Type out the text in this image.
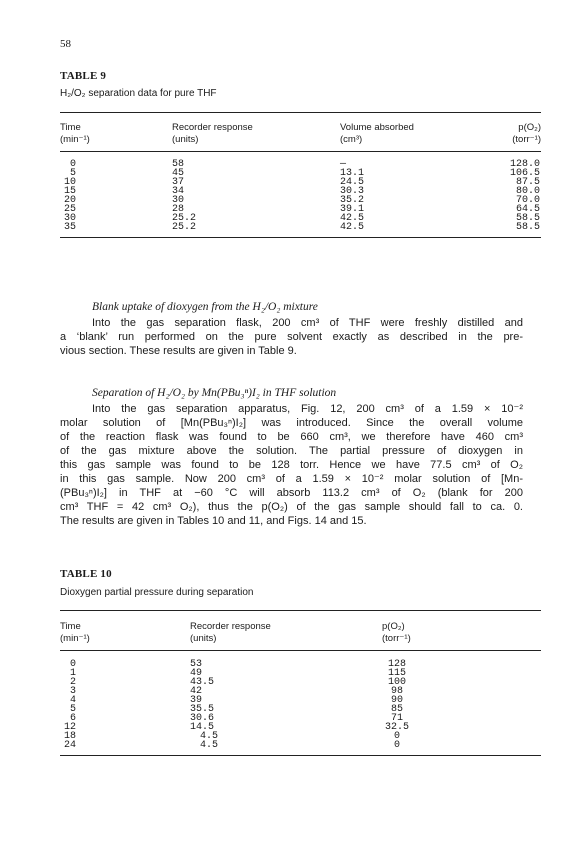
58
TABLE 9
H₂/O₂ separation data for pure THF
Time
(min⁻¹)
Recorder response
(units)
Volume absorbed
(cm³)
p(O₂)
(torr⁻¹)
0
5
10
15
20
25
30
35
58
45
37
34
30
28
25.2
25.2
—
13.1
24.5
30.3
35.2
39.1
42.5
42.5
128.0
106.5
87.5
80.0
70.0
64.5
58.5
58.5
Blank uptake of dioxygen from the H₂/O₂ mixture
Into the gas separation flask, 200 cm³ of THF were freshly distilled and
a ‘blank’ run performed on the pure solvent exactly as described in the pre-
vious section. These results are given in Table 9.
Separation of H₂/O₂ by Mn(PBu₃ⁿ)I₂ in THF solution
Into the gas separation apparatus, Fig. 12, 200 cm³ of a 1.59 × 10⁻²
molar solution of [Mn(PBu₃ⁿ)I₂] was introduced. Since the overall volume
of the reaction flask was found to be 660 cm³, we therefore have 460 cm³
of the gas mixture above the solution. The partial pressure of dioxygen in
this gas sample was found to be 128 torr. Hence we have 77.5 cm³ of O₂
in this gas sample. Now 200 cm³ of a 1.59 × 10⁻² molar solution of [Mn-
(PBu₃ⁿ)I₂] in THF at −60 °C will absorb 113.2 cm³ of O₂ (blank for 200
cm³ THF = 42 cm³ O₂), thus the p(O₂) of the gas sample should fall to ca. 0.
The results are given in Tables 10 and 11, and Figs. 14 and 15.
TABLE 10
Dioxygen partial pressure during separation
Time
(min⁻¹)
Recorder response
(units)
p(O₂)
(torr⁻¹)
0
1
2
3
4
5
6
12
18
24
53
49
43.5
42
39
35.5
30.6
14.5
4.5
4.5
128
115
100
98
90
85
71
32.5
0
0
